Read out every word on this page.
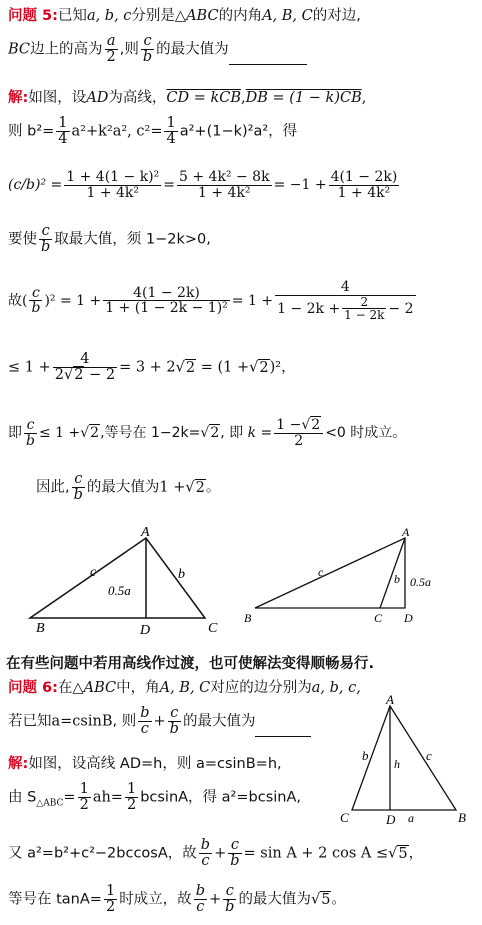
问题 5:已知a, b, c分别是△ABC的内角A, B, C的对边,
BC边上的高为 $\frac{a}{2}$ ,则 $\frac{c}{b}$ 的最大值为
解:如图，设AD为高线，CD = kCB,DB = (1 − k)CB,
则 $b^2= \frac{1}{4} a^2+k^2a^2$, $c^2= \frac{1}{4} a^2+(1-k)^2a^2$，得
$(c/b)^2 = \frac{\text{1 + 4(1 − k)²}}{\text{1 + 4k²}} = \frac{\text{5 + 4k² − 8k}}{\text{1 + 4k²}} = -1 + \frac{4(1 - 2k)}{\text{1 + 4k²}}$
要使 $\frac{c}{b}$ 取最大值，须 1−2k>0,
故( $\frac{c}{b} )^2 = 1 + \frac{4(1 - 2k)}{\text{1 + (1 − 2k − 1)²}} = 1 + \frac{4}{1 - 2k + \frac{2}{1 - 2k} - 2}$
≤ $1 + \frac{4}{2√2 - 2} = 3 + 2√2 = (1 +√2)^2$，
即 $\frac{c}{b} \le 1 +√2$,等号在 1−2k=√2, 即 $k = \frac{1 -√2}{2} <0$ 时成立。
因此, $\frac{c}{b}$ 的最大值为1 +√2。
A
B	C
D
c	b
0.5a
A
B	C D
c	b 0.5a
在有些问题中若用高线作过渡，也可使解法变得顺畅易行.
问题 6:在△ABC中，角A, B, C对应的边分别为a, b, c,
若已知a=csinB, 则 $\frac{b}{c} + \frac{c}{b}$ 的最大值为
解:如图，设高线 AD=h，则 a=csinB=h,
由 $S_{\triangle ABC}= \frac{1}{2} ah= \frac{1}{2}$ bcsinA，得 a²=bcsinA,
又 a²=b²+c²−2bccosA，故 $\frac{b}{c} + \frac{c}{b} = \sin A + 2$ cos A ≤√5，
等号在 $\tan A= \frac{1}{2}$ 时成立，故 $\frac{b}{c} + \frac{c}{b}$ 的最大值为√5。
A
C	B
D a
b	c
h
